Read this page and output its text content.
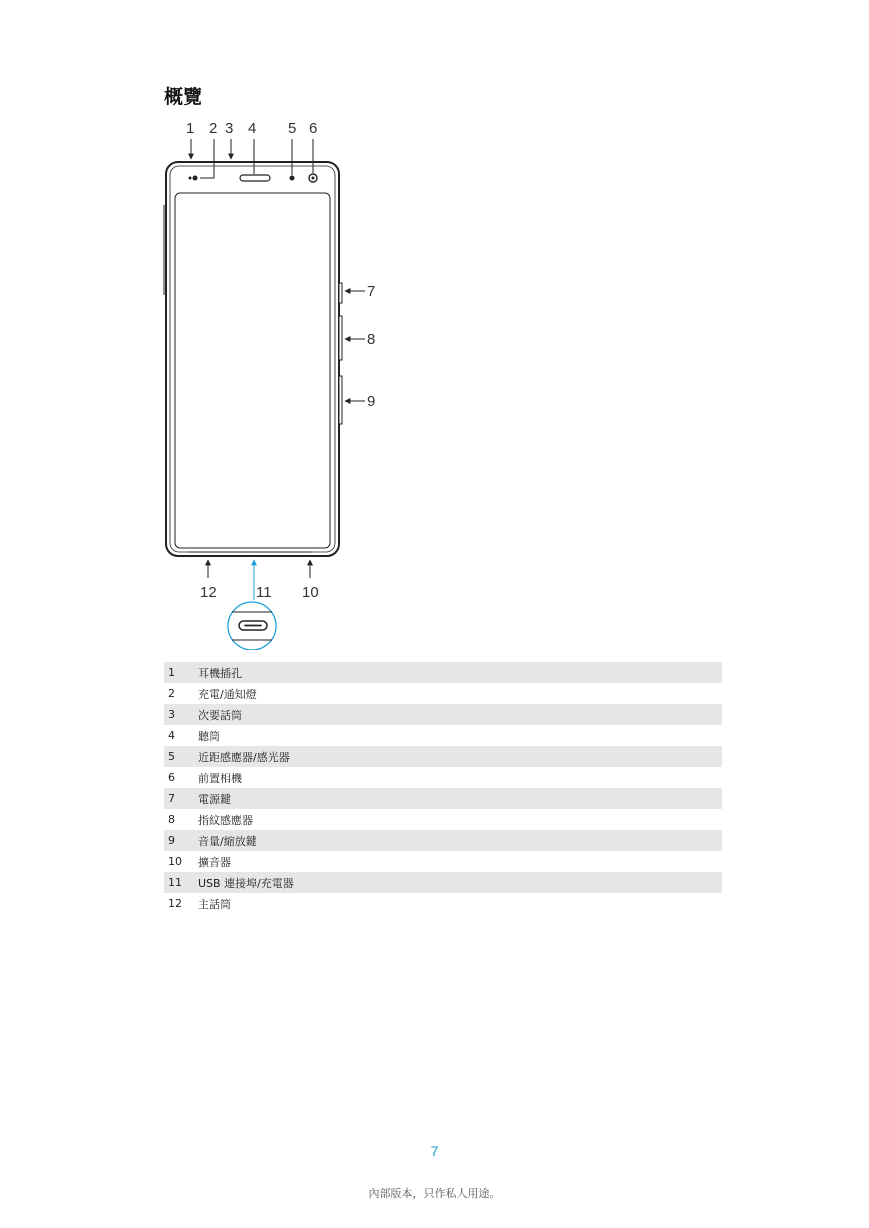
概覽
1 2 3 4 5 6
7
8
9
12	11 10
1	耳機插孔
2	充電/通知燈
3	次要話筒
4	聽筒
5	近距感應器/感光器
6	前置相機
7	電源鍵
8	指紋感應器
9	音量/縮放鍵
10	擴音器
11	USB 連接埠/充電器
12	主話筒
7
內部版本，只作私人用途。
